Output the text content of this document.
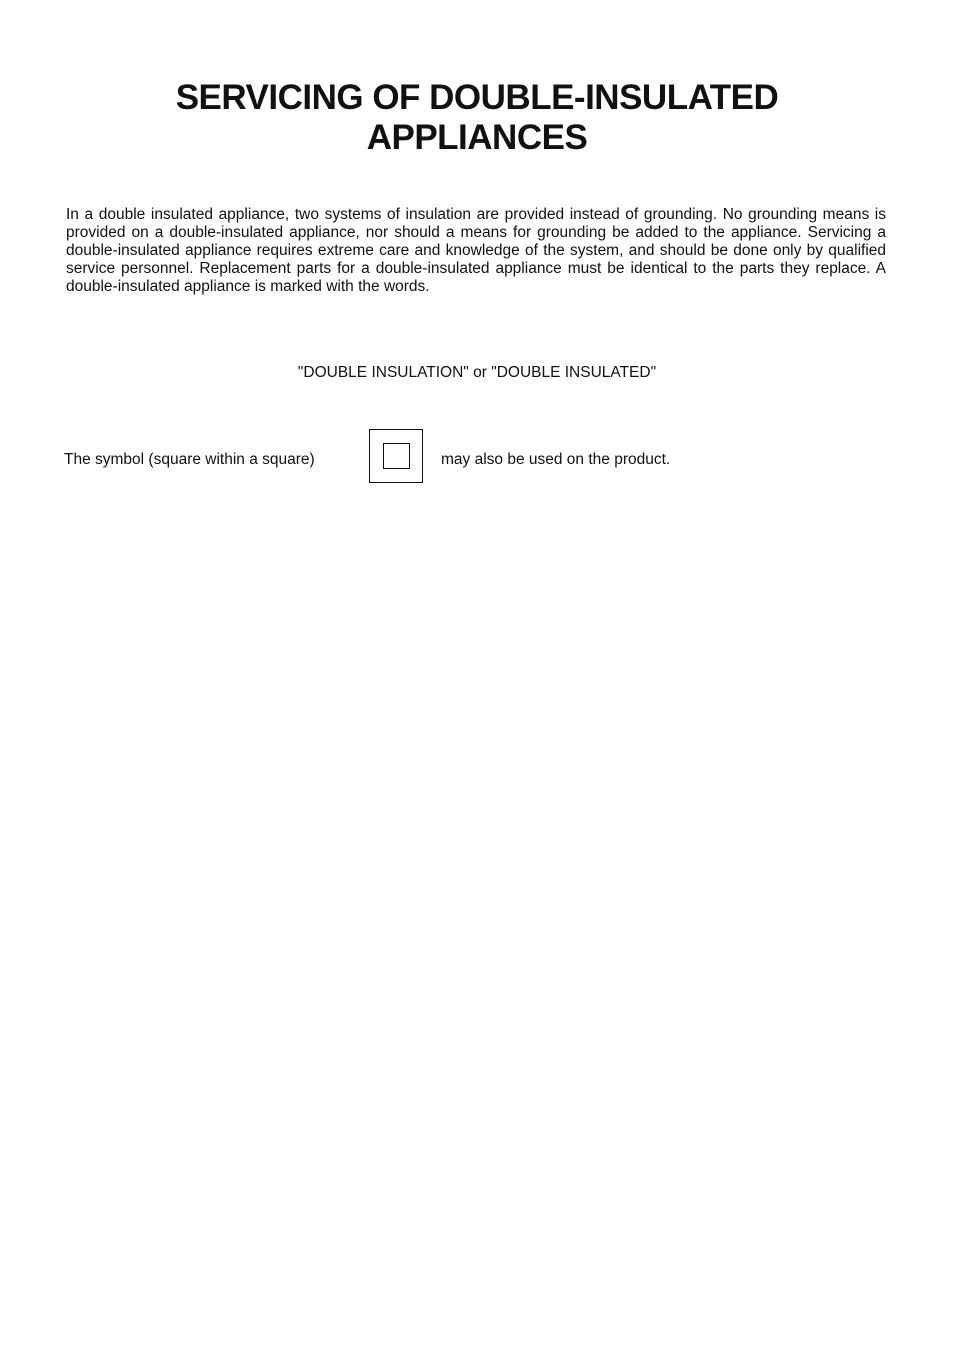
SERVICING OF DOUBLE-INSULATED
APPLIANCES

In a double insulated appliance, two systems of insulation are provided instead of grounding. No grounding means is provided on a double-insulated appliance, nor should a means for grounding be added to the appliance. Servicing a double-insulated appliance requires extreme care and knowledge of the system, and should be done only by qualified service personnel. Replacement parts for a double-insulated appliance must be identical to the parts they replace. A double-insulated appliance is marked with the words.

"DOUBLE INSULATION" or "DOUBLE INSULATED"

The symbol (square within a square)	may also be used on the product.
